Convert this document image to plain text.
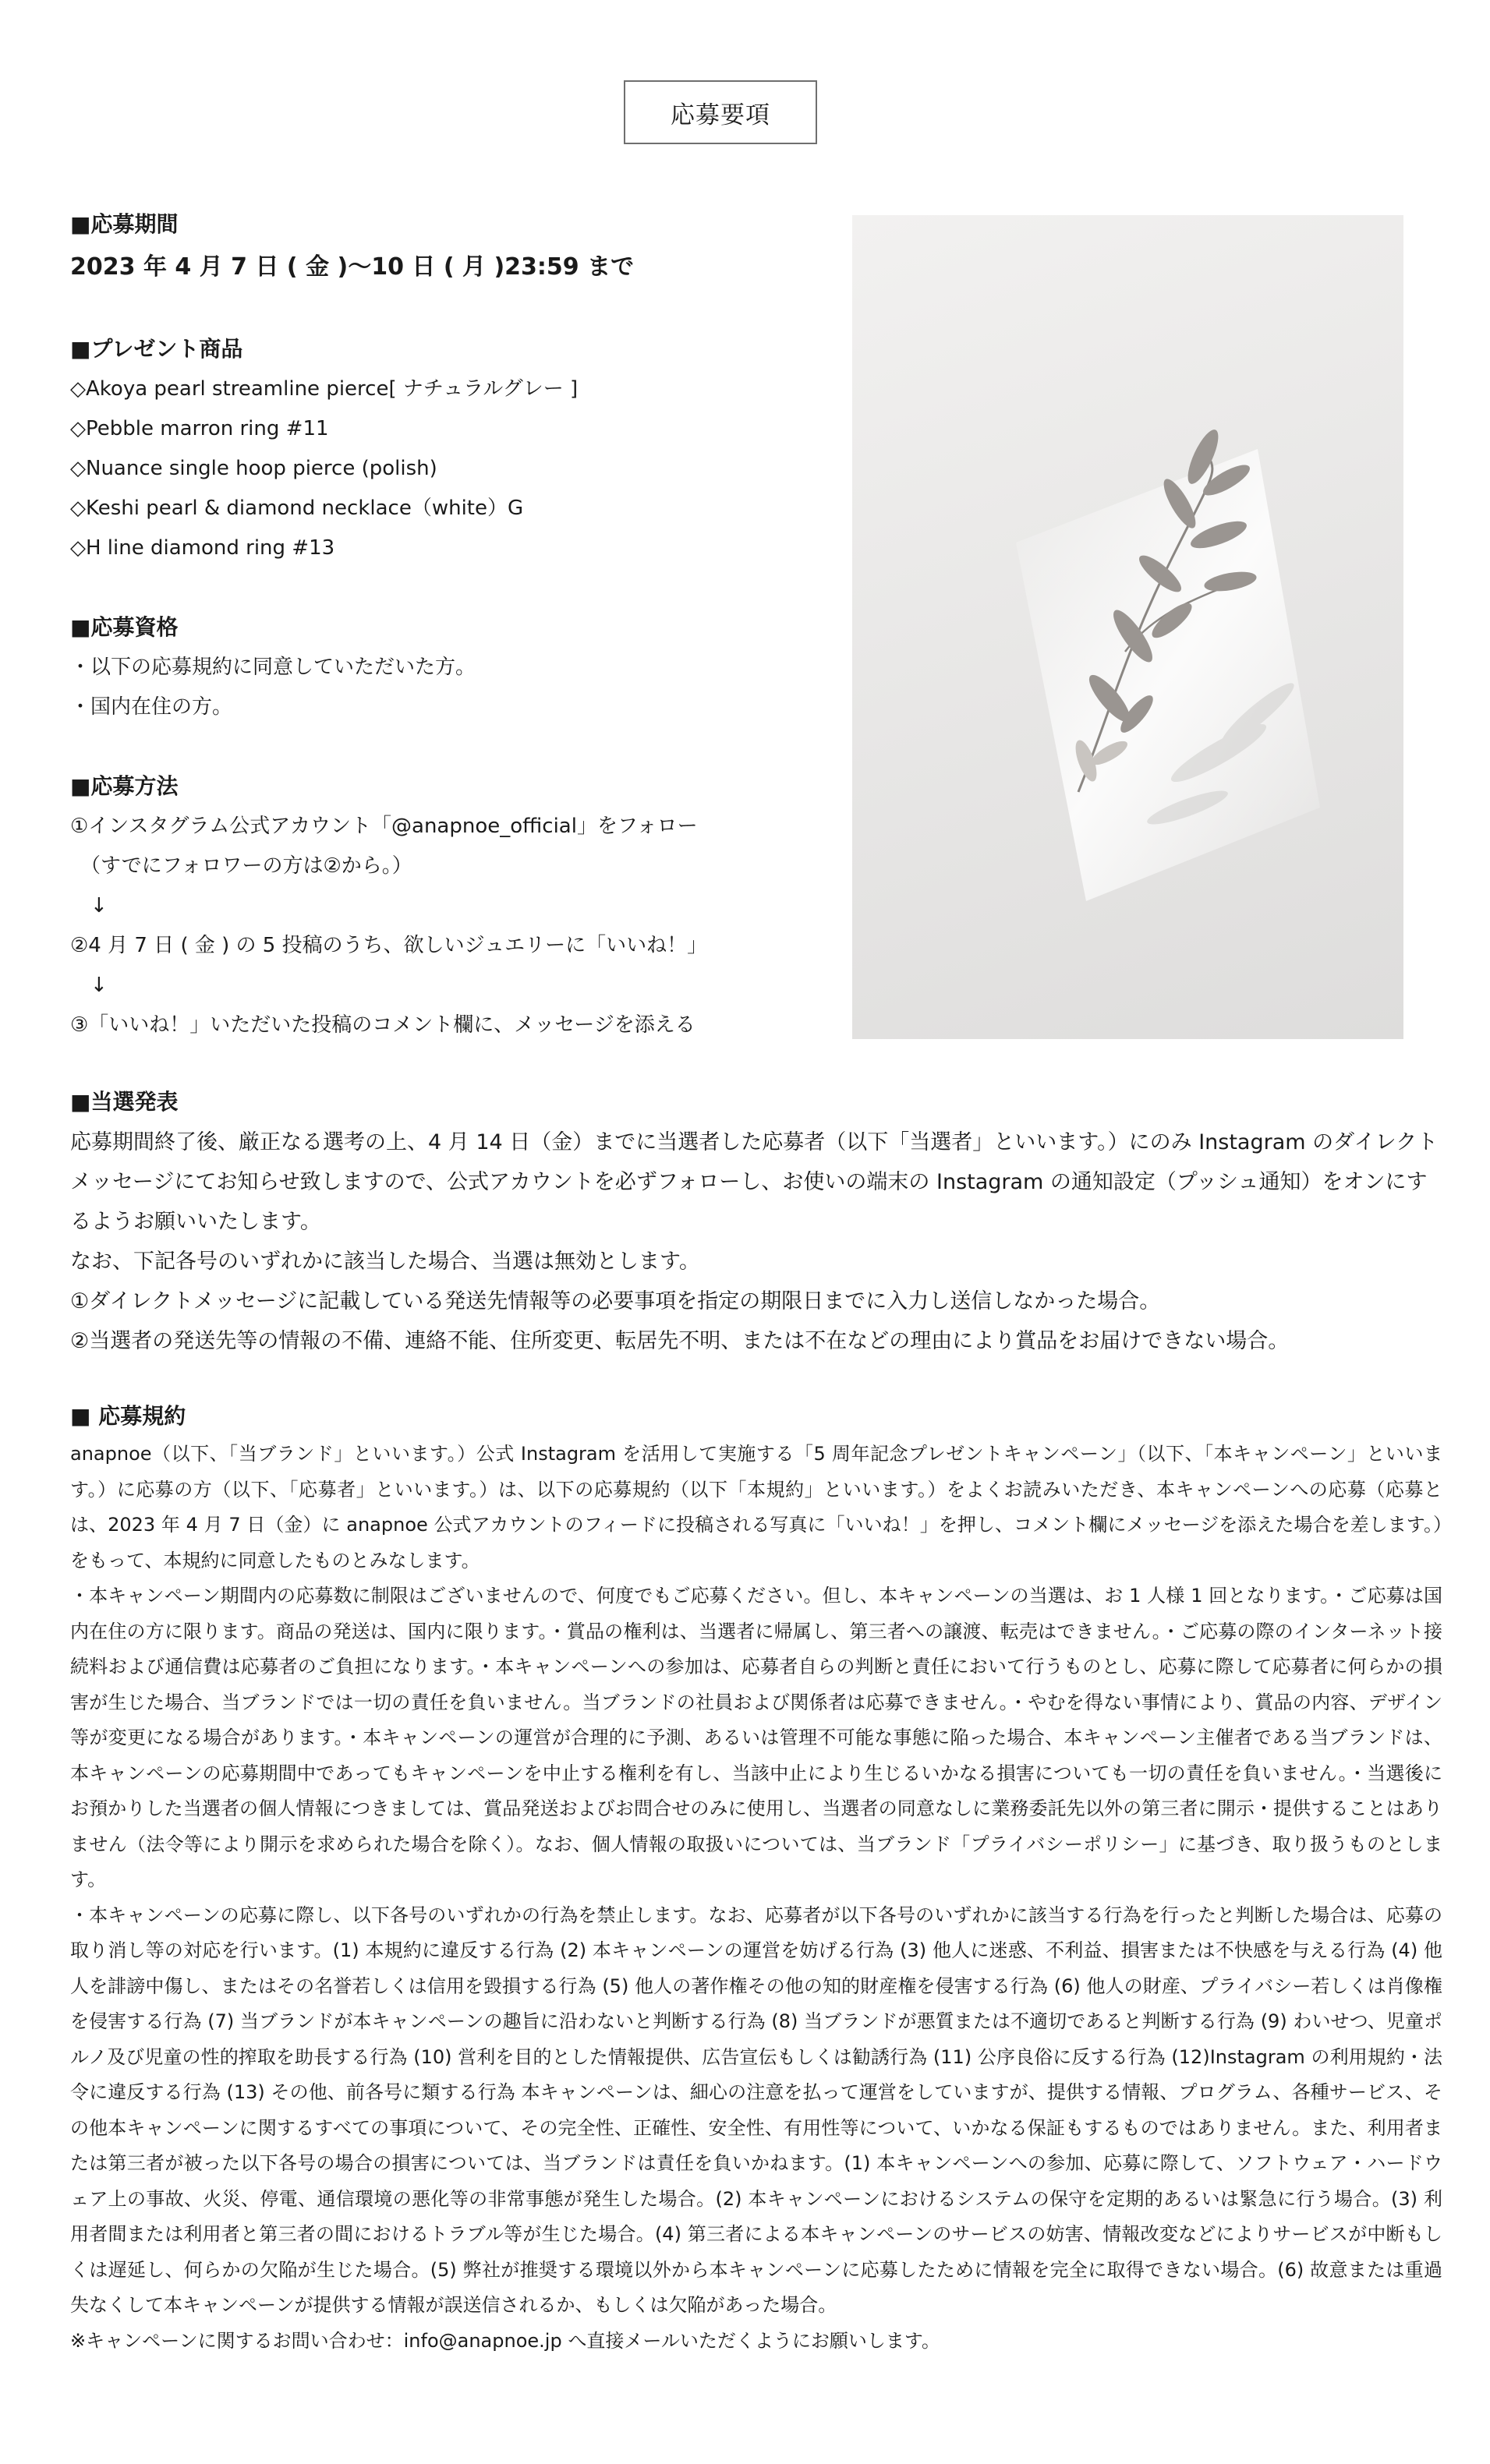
応募要項

■応募期間

2023 年 4 月 7 日 ( 金 )〜10 日 ( 月 )23:59 まで

■プレゼント商品

◇Akoya pearl streamline pierce[ ナチュラルグレー ]

◇Pebble marron ring #11

◇Nuance single hoop pierce (polish)

◇Keshi pearl & diamond necklace（white）G

◇H line diamond ring #13

■応募資格

・以下の応募規約に同意していただいた方。

・国内在住の方。

■応募方法

①インスタグラム公式アカウント「@anapnoe_official」をフォロー

　（すでにフォロワーの方は②から。）

　↓

②4 月 7 日 ( 金 ) の 5 投稿のうち、欲しいジュエリーに「いいね！」

　↓

③「いいね！」いただいた投稿のコメント欄に、メッセージを添える

■当選発表

応募期間終了後、厳正なる選考の上、4 月 14 日（金）までに当選者した応募者（以下「当選者」といいます。）にのみ Instagram のダイレクトメッセージにてお知らせ致しますので、公式アカウントを必ずフォローし、お使いの端末の Instagram の通知設定（プッシュ通知）をオンにするようお願いいたします。

なお、下記各号のいずれかに該当した場合、当選は無効とします。

①ダイレクトメッセージに記載している発送先情報等の必要事項を指定の期限日までに入力し送信しなかった場合。

②当選者の発送先等の情報の不備、連絡不能、住所変更、転居先不明、または不在などの理由により賞品をお届けできない場合。

■ 応募規約

anapnoe（以下、「当ブランド」といいます。）公式 Instagram を活用して実施する「5 周年記念プレゼントキャンペーン」（以下、「本キャンペーン」といいます。）に応募の方（以下、「応募者」といいます。）は、以下の応募規約（以下「本規約」といいます。）をよくお読みいただき、本キャンペーンへの応募（応募とは、2023 年 4 月 7 日（金）に anapnoe 公式アカウントのフィードに投稿される写真に「いいね！」を押し、コメント欄にメッセージを添えた場合を差します。）をもって、本規約に同意したものとみなします。

・本キャンペーン期間内の応募数に制限はございませんので、何度でもご応募ください。但し、本キャンペーンの当選は、お 1 人様 1 回となります。・ご応募は国内在住の方に限ります。商品の発送は、国内に限ります。・賞品の権利は、当選者に帰属し、第三者への譲渡、転売はできません。・ご応募の際のインターネット接続料および通信費は応募者のご負担になります。・本キャンペーンへの参加は、応募者自らの判断と責任において行うものとし、応募に際して応募者に何らかの損害が生じた場合、当ブランドでは一切の責任を負いません。当ブランドの社員および関係者は応募できません。・やむを得ない事情により、賞品の内容、デザイン等が変更になる場合があります。・本キャンペーンの運営が合理的に予測、あるいは管理不可能な事態に陥った場合、本キャンペーン主催者である当ブランドは、本キャンペーンの応募期間中であってもキャンペーンを中止する権利を有し、当該中止により生じるいかなる損害についても一切の責任を負いません。・当選後にお預かりした当選者の個人情報につきましては、賞品発送およびお問合せのみに使用し、当選者の同意なしに業務委託先以外の第三者に開示・提供することはありません（法令等により開示を求められた場合を除く）。なお、個人情報の取扱いについては、当ブランド「プライバシーポリシー」に基づき、取り扱うものとします。

・本キャンペーンの応募に際し、以下各号のいずれかの行為を禁止します。なお、応募者が以下各号のいずれかに該当する行為を行ったと判断した場合は、応募の取り消し等の対応を行います。(1) 本規約に違反する行為 (2) 本キャンペーンの運営を妨げる行為 (3) 他人に迷惑、不利益、損害または不快感を与える行為 (4) 他人を誹謗中傷し、またはその名誉若しくは信用を毀損する行為 (5) 他人の著作権その他の知的財産権を侵害する行為 (6) 他人の財産、プライバシー若しくは肖像権を侵害する行為 (7) 当ブランドが本キャンペーンの趣旨に沿わないと判断する行為 (8) 当ブランドが悪質または不適切であると判断する行為 (9) わいせつ、児童ポルノ及び児童の性的搾取を助長する行為 (10) 営利を目的とした情報提供、広告宣伝もしくは勧誘行為 (11) 公序良俗に反する行為 (12)Instagram の利用規約・法令に違反する行為 (13) その他、前各号に類する行為 本キャンペーンは、細心の注意を払って運営をしていますが、提供する情報、プログラム、各種サービス、その他本キャンペーンに関するすべての事項について、その完全性、正確性、安全性、有用性等について、いかなる保証もするものではありません。また、利用者または第三者が被った以下各号の場合の損害については、当ブランドは責任を負いかねます。(1) 本キャンペーンへの参加、応募に際して、ソフトウェア・ハードウェア上の事故、火災、停電、通信環境の悪化等の非常事態が発生した場合。(2) 本キャンペーンにおけるシステムの保守を定期的あるいは緊急に行う場合。(3) 利用者間または利用者と第三者の間におけるトラブル等が生じた場合。(4) 第三者による本キャンペーンのサービスの妨害、情報改変などによりサービスが中断もしくは遅延し、何らかの欠陥が生じた場合。(5) 弊社が推奨する環境以外から本キャンペーンに応募したために情報を完全に取得できない場合。(6) 故意または重過失なくして本キャンペーンが提供する情報が誤送信されるか、もしくは欠陥があった場合。

※キャンペーンに関するお問い合わせ：info@anapnoe.jp へ直接メールいただくようにお願いします。
